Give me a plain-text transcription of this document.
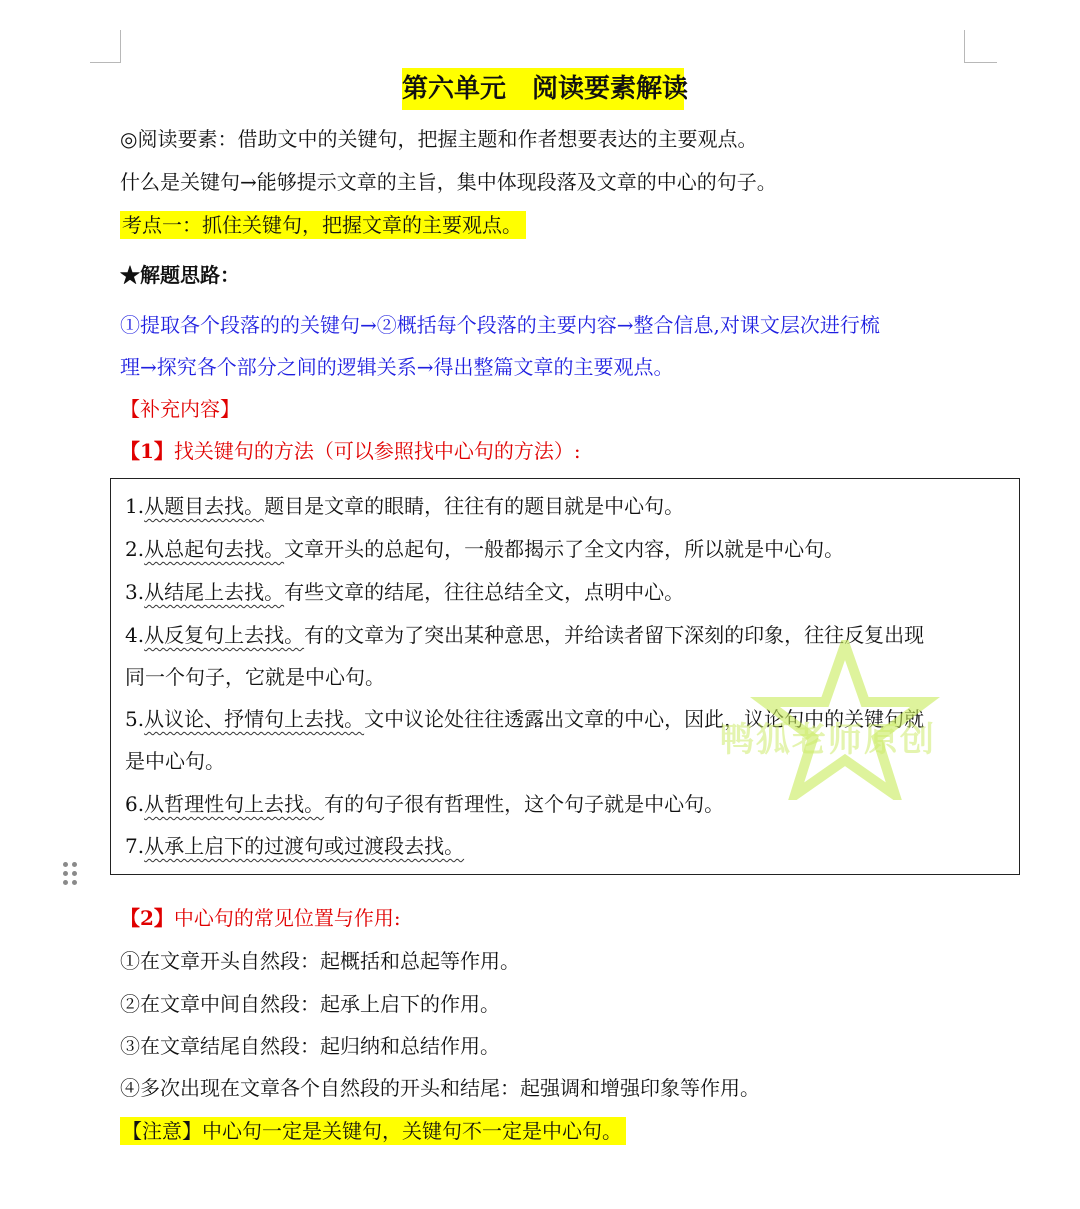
第六单元　阅读要素解读
◎阅读要素：借助文中的关键句，把握主题和作者想要表达的主要观点。
什么是关键句→能够提示文章的主旨，集中体现段落及文章的中心的句子。
考点一：抓住关键句，把握文章的主要观点。
★解题思路：
①提取各个段落的的关键句→②概括每个段落的主要内容→整合信息,对课文层次进行梳
理→探究各个部分之间的逻辑关系→得出整篇文章的主要观点。
【补充内容】
【1】找关键句的方法（可以参照找中心句的方法）:
1.从题目去找。题目是文章的眼睛，往往有的题目就是中心句。
2.从总起句去找。文章开头的总起句，一般都揭示了全文内容，所以就是中心句。
3.从结尾上去找。有些文章的结尾，往往总结全文，点明中心。
4.从反复句上去找。有的文章为了突出某种意思，并给读者留下深刻的印象，往往反复出现
同一个句子，它就是中心句。
5.从议论、抒情句上去找。文中议论处往往透露出文章的中心，因此，议论句中的关键句就
是中心句。
6.从哲理性句上去找。有的句子很有哲理性，这个句子就是中心句。
7.从承上启下的过渡句或过渡段去找。
鸭狐老师原创
【2】中心句的常见位置与作用:
①在文章开头自然段：起概括和总起等作用。
②在文章中间自然段：起承上启下的作用。
③在文章结尾自然段：起归纳和总结作用。
④多次出现在文章各个自然段的开头和结尾：起强调和增强印象等作用。
【注意】中心句一定是关键句，关键句不一定是中心句。
